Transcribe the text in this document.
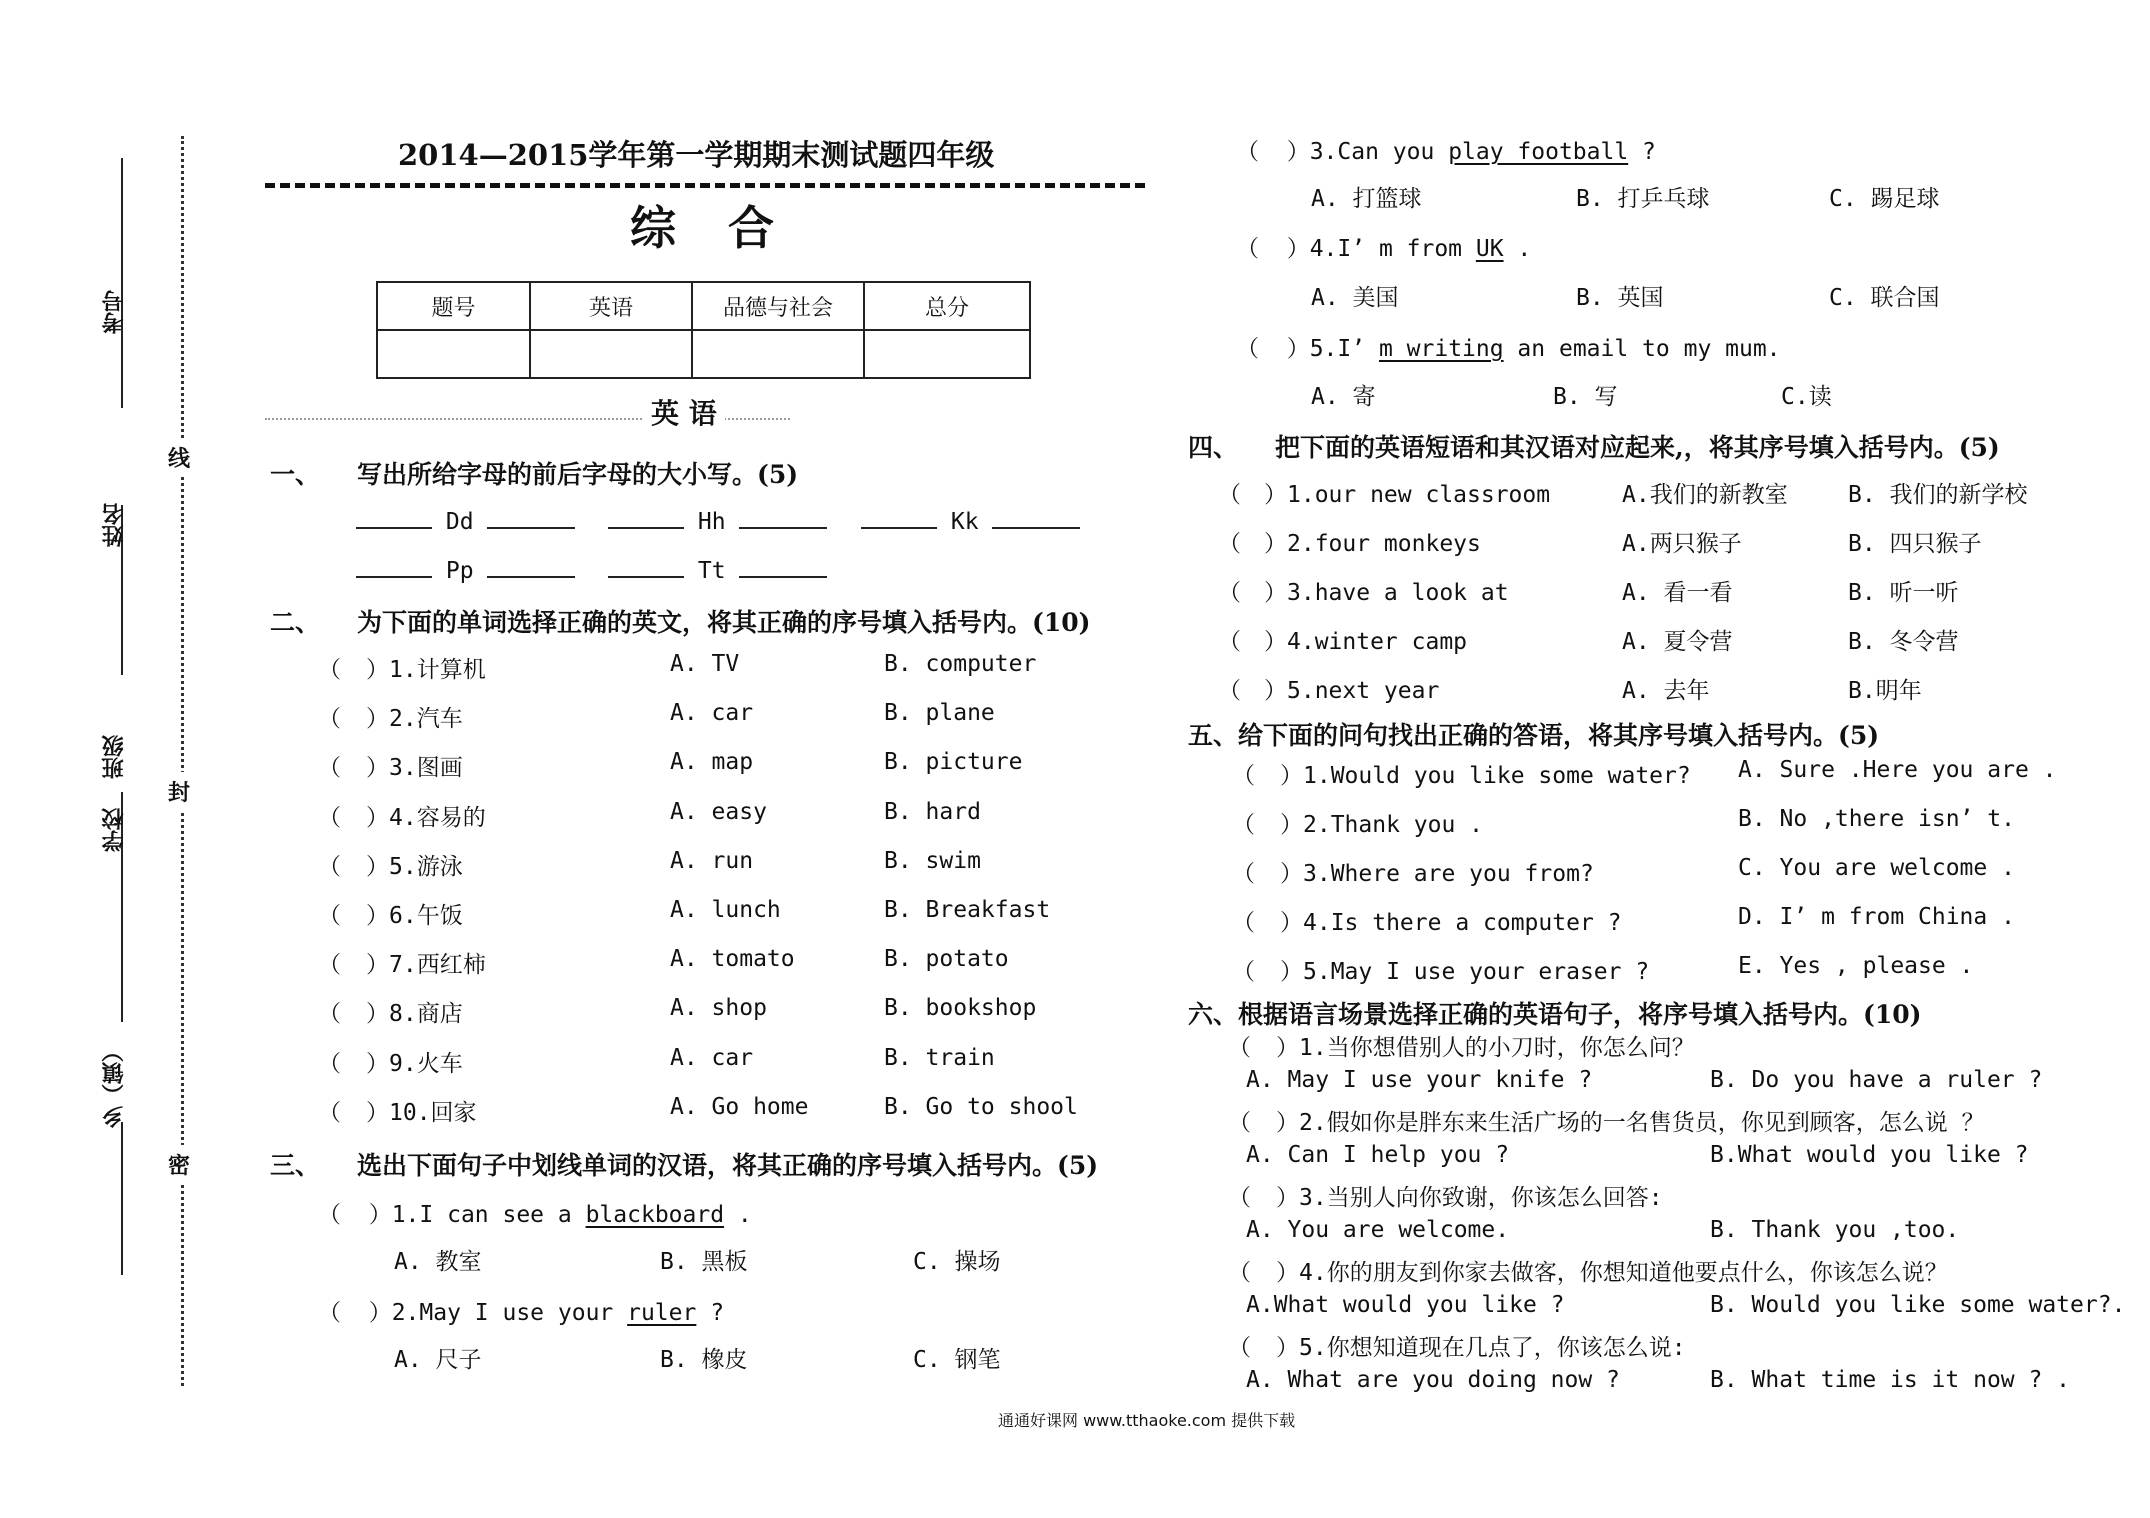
考号
姓名
学校
班级
乡（镇）
线
封
密
2014—2015学年第一学期期末测试题四年级
综 合
题号	英语	品德与社会	总分

英 语
一、 写出所给字母的前后字母的大小写。(5)
Dd	Hh	Kk
Pp	Tt
二、 为下面的单词选择正确的英文，将其正确的序号填入括号内。(10)
（ ）1.计算机	A. TV	B. computer
（ ）2.汽车	A. car	B. plane
（ ）3.图画	A. map	B. picture
（ ）4.容易的	A. easy	B. hard
（ ）5.游泳	A. run	B. swim
（ ）6.午饭	A. lunch	B. Breakfast
（ ）7.西红柿	A. tomato	B. potato
（ ）8.商店	A. shop	B. bookshop
（ ）9.火车	A. car	B. train
（ ）10.回家	A. Go home	B. Go to shool
三、 选出下面句子中划线单词的汉语，将其正确的序号填入括号内。(5)
（  ）1.I can see a blackboard .
A. 教室	B. 黑板	C. 操场
（  ）2.May I use your ruler ?
A. 尺子	B. 橡皮	C. 钢笔
（  ）3.Can you play football ?
A. 打篮球	B. 打乒乓球	C. 踢足球
（  ）4.I’ m from UK .
A. 美国	B. 英国	C. 联合国
（  ）5.I’ m writing an email to my mum.
A. 寄	B. 写	C.读
四、 把下面的英语短语和其汉语对应起来,，将其序号填入括号内。(5)
（ ）1.our new classroom	A.我们的新教室	B. 我们的新学校
（ ）2.four monkeys	A.两只猴子	B. 四只猴子
（ ）3.have a look at	A. 看一看	B. 听一听
（ ）4.winter camp	A. 夏令营	B. 冬令营
（ ）5.next year	A. 去年	B.明年
五、给下面的问句找出正确的答语，将其序号填入括号内。(5)
（ ）1.Would you like some water? A. Sure .Here you are .
（ ）2.Thank you .	B. No ,there isn’ t.
（ ）3.Where are you from?	C. You are welcome .
（ ）4.Is there a computer ?	D. I’ m from China .
（ ）5.May I use your eraser ?	E. Yes , please .
六、根据语言场景选择正确的英语句子，将序号填入括号内。(10)
（ ）1.当你想借别人的小刀时，你怎么问？
A. May I use your knife ?	B. Do you have a ruler ?
（ ）2.假如你是胖东来生活广场的一名售货员，你见到顾客，怎么说 ？
A. Can I help you ?	B.What would you like ?
（ ）3.当别人向你致谢，你该怎么回答:
A. You are welcome.	B. Thank you ,too.
（ ）4.你的朋友到你家去做客，你想知道他要点什么，你该怎么说？
A.What would you like ?	B. Would you like some water?.
（ ）5.你想知道现在几点了，你该怎么说:
A. What are you doing now ?	B. What time is it now ? .
通通好课网 www.tthaoke.com 提供下载
